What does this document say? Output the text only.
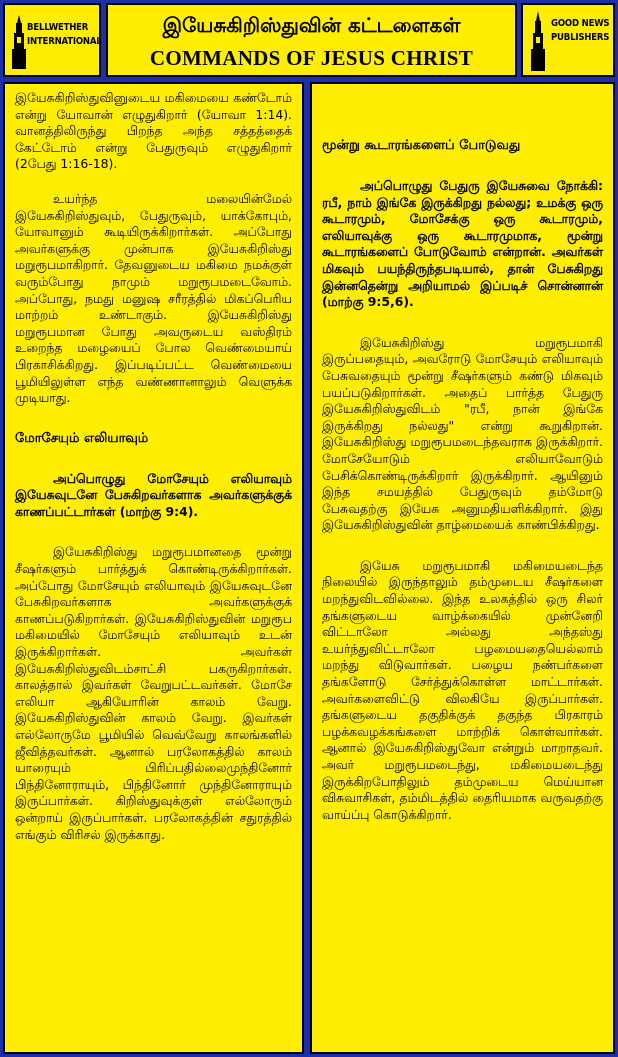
BELLWETHER
INTERNATIONAL
இயேசுகிறிஸ்துவின் கட்டளைகள்
COMMANDS OF JESUS CHRIST
GOOD NEWS
PUBLISHERS

இயேசுகிறிஸ்துவினுடைய மகிமையை கண்டோம் என்று யோவான் எழுதுகிறார் (யோவா 1:14). வானத்திலிருந்து பிறந்த அந்த சத்தத்தைக் கேட்டோம் என்று பேதுருவும் எழுதுகிறார் (2பேது 1:16-18).

உயர்ந்த மலையின்மேல் இயேசுகிறிஸ்துவும், பேதுருவும், யாக்கோபும், யோவானும் கூடியிருக்கிறார்கள். அப்போது அவர்களுக்கு முன்பாக இயேசுகிறிஸ்து மறுரூபமாகிறார். தேவனுடைய மகிமை நமக்குள் வரும்போது நாமும் மறுரூபமடைவோம். அப்போது, நமது மனுஷ சரீரத்தில் மிகப்பெரிய மாற்றம் உண்டாகும். இயேசுகிறிஸ்து மறுரூபமான போது அவருடைய வஸ்திரம் உறைந்த மழையைப் போல வெண்மையாய் பிரகாசிக்கிறது. இப்படிப்பட்ட வெண்மையை பூமியிலுள்ள எந்த வண்ணானாலும் வெளுக்க முடியாது.

மோசேயும் எலியாவும்

அப்பொழுது மோசேயும் எலியாவும் இயேசுவுடனே பேசுகிறவர்களாக அவர்களுக்குக் காணப்பட்டார்கள் (மாற்கு 9:4).

இயேசுகிறிஸ்து மறுரூபமானதை மூன்று சீஷர்களும் பார்த்துக் கொண்டிருக்கிறார்கள். அப்போது மோசேயும் எலியாவும் இயேசுவுடனே பேசுகிறவர்களாக அவர்களுக்குக் காணப்படுகிறார்கள். இயேசுகிறிஸ்துவின் மறுரூப மகிமையில் மோசேயும் எலியாவும் உடன் இருக்கிறார்கள். அவர்கள் இயேசுகிறிஸ்துவிடம்சாட்சி பகருகிறார்கள். காலத்தால் இவர்கள் வேறுபட்டவர்கள். மோசே எலியா ஆகியோரின் காலம் வேறு. இயேசுகிறிஸ்துவின் காலம் வேறு. இவர்கள் எல்லோருமே பூமியில் வெவ்வேறு காலங்களில் ஜீவித்தவர்கள். ஆனால் பரலோகத்தில் காலம் யாரையும் பிரிப்பதில்லைமுந்தினோர் பிந்தினோராயும், பிந்தினோர் முந்தினோராயும் இருப்பார்கள். கிறிஸ்துவுக்குள் எல்லோரும் ஒன்றாய் இருப்பார்கள். பரலோகத்தின் சதுரத்தில் எங்கும் விரிசல் இருக்காது.

மூன்று கூடாரங்களைப் போடுவது

அப்பொழுது பேதுரு இயேசுவை நோக்கி: ரபீ, நாம் இங்கே இருக்கிறது நல்லது; உமக்கு ஒரு கூடாரமும், மோசேக்கு ஒரு கூடாரமும், எலியாவுக்கு ஒரு கூடாரமுமாக, மூன்று கூடாரங்களைப் போடுவோம் என்றான். அவர்கள் மிகவும் பயந்திருந்தபடியால், தான் பேசுகிறது இன்னதென்று அறியாமல் இப்படிச் சொன்னான் (மாற்கு 9:5,6).

இயேசுகிறிஸ்து மறுரூபமாகி இருப்பதையும், அவரோடு மோசேயும் எலியாவும் பேசுவதையும் மூன்று சீஷர்களும் கண்டு மிகவும் பயப்படுகிறார்கள். அதைப் பார்த்த பேதுரு இயேசுகிறிஸ்துவிடம் "ரபீ, நான் இங்கே இருக்கிறது நல்லது" என்று கூறுகிறான். இயேசுகிறிஸ்து மறுரூபமடைந்தவராக இருக்கிறார். மோசேயோடும் எலியாவோடும் பேசிக்கொண்டிருக்கிறார் இருக்கிறார். ஆயினும் இந்த சமயத்தில் பேதுருவும் தம்மோடு பேசுவதற்கு இயேசு அனுமதியளிக்கிறார். இது இயேசுகிறிஸ்துவின் தாழ்மையைக் காண்பிக்கிறது.

இயேசு மறுரூபமாகி மகிமையடைந்த நிலையில் இருந்தாலும் தம்முடைய சீஷர்களை மறந்துவிடவில்லை. இந்த உலகத்தில் ஒரு சிலர் தங்களுடைய வாழ்க்கையில் முன்னேறி விட்டாலோ அல்லது அந்தஸ்து உயர்ந்துவிட்டாலோ பழமையதையெல்லாம் மறந்து விடுவார்கள். பழைய நண்பர்களை தங்களோடு சேர்த்துக்கொள்ள மாட்டார்கள். அவர்களைவிட்டு விலகியே இருப்பார்கள். தங்களுடைய தகுதிக்குக் தகுந்த பிரகாரம் பழக்கவழக்கங்களை மாற்றிக் கொள்வார்கள். ஆனால் இயேசுகிறிஸ்துவோ என்றும் மாறாதவர். அவர் மறுரூபமடைந்து, மகிமையடைந்து இருக்கிறபோதிலும் தம்முடைய மெய்யான விசுவாசிகள், தம்மிடத்தில் தைரியமாக வருவதற்கு வாய்ப்பு கொடுக்கிறார்.
